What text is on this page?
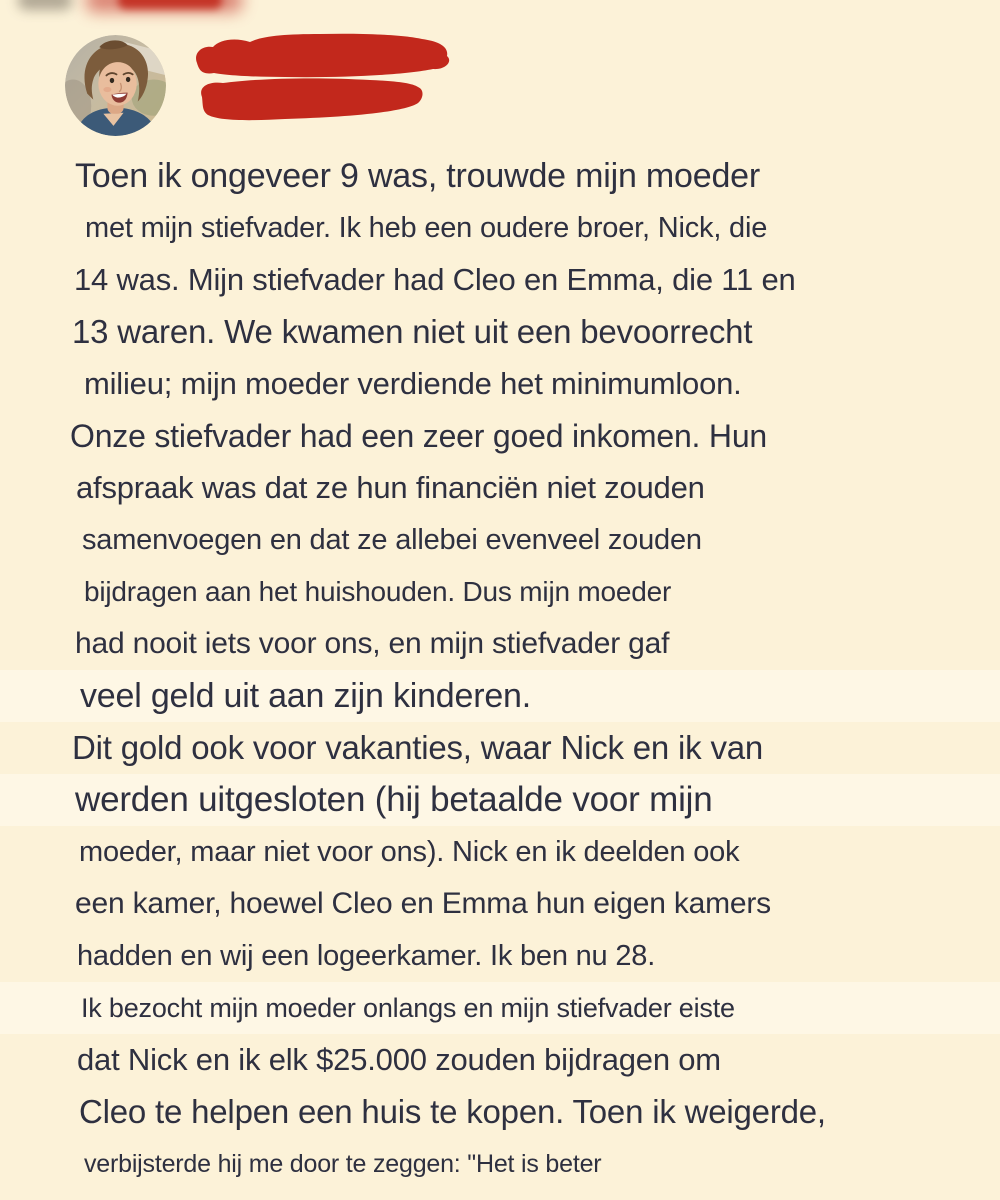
Toen ik ongeveer 9 was, trouwde mijn moeder
met mijn stiefvader. Ik heb een oudere broer, Nick, die
14 was. Mijn stiefvader had Cleo en Emma, die 11 en
13 waren. We kwamen niet uit een bevoorrecht
milieu; mijn moeder verdiende het minimumloon.
Onze stiefvader had een zeer goed inkomen. Hun
afspraak was dat ze hun financiën niet zouden
samenvoegen en dat ze allebei evenveel zouden
bijdragen aan het huishouden. Dus mijn moeder
had nooit iets voor ons, en mijn stiefvader gaf
veel geld uit aan zijn kinderen.
Dit gold ook voor vakanties, waar Nick en ik van
werden uitgesloten (hij betaalde voor mijn
moeder, maar niet voor ons). Nick en ik deelden ook
een kamer, hoewel Cleo en Emma hun eigen kamers
hadden en wij een logeerkamer. Ik ben nu 28.
Ik bezocht mijn moeder onlangs en mijn stiefvader eiste
dat Nick en ik elk $25.000 zouden bijdragen om
Cleo te helpen een huis te kopen. Toen ik weigerde,
verbijsterde hij me door te zeggen: "Het is beter
